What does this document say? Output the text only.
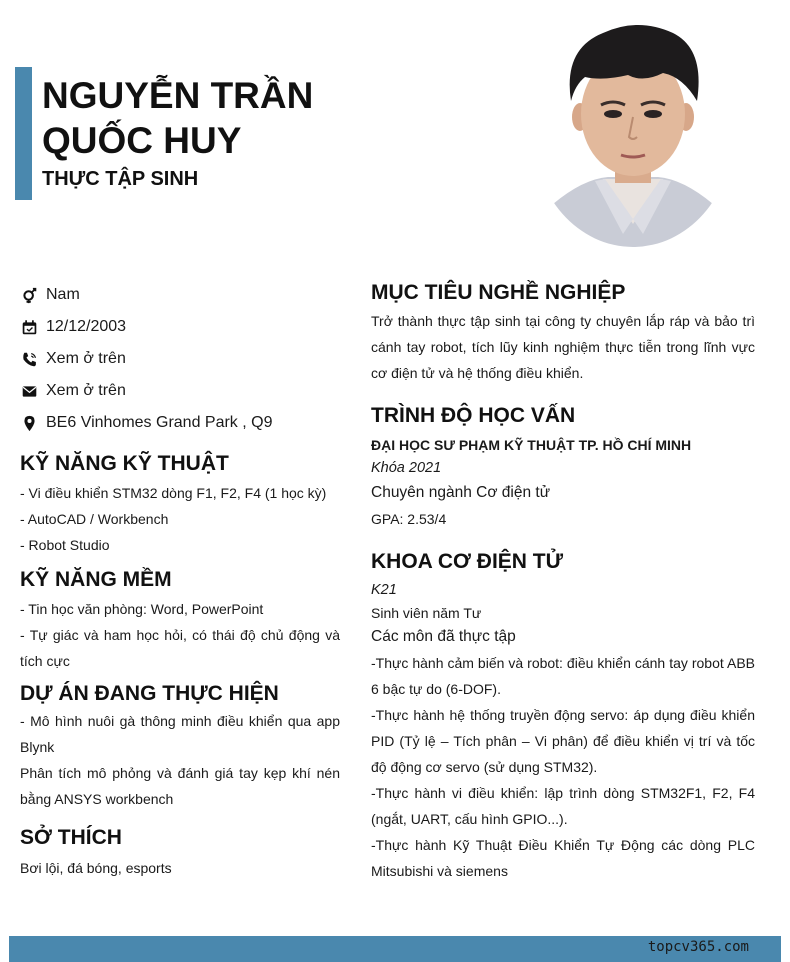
NGUYỄN TRẦN QUỐC HUY
THỰC TẬP SINH
Nam
12/12/2003
Xem ở trên
Xem ở trên
BE6 Vinhomes Grand Park , Q9
KỸ NĂNG KỸ THUẬT
- Vi điều khiển STM32 dòng F1, F2, F4 (1 học kỳ)
- AutoCAD / Workbench
- Robot Studio
KỸ NĂNG MỀM
- Tin học văn phòng: Word, PowerPoint
- Tự giác và ham học hỏi, có thái độ chủ động và tích cực
DỰ ÁN ĐANG THỰC HIỆN
- Mô hình nuôi gà thông minh điều khiển qua app Blynk
Phân tích mô phỏng và đánh giá tay kẹp khí nén bằng ANSYS workbench
SỞ THÍCH
Bơi lội, đá bóng, esports
MỤC TIÊU NGHỀ NGHIỆP
Trở thành thực tập sinh tại công ty chuyên lắp ráp và bảo trì cánh tay robot, tích lũy kinh nghiệm thực tiễn trong lĩnh vực cơ điện tử và hệ thống điều khiển.
TRÌNH ĐỘ HỌC VẤN
ĐẠI HỌC SƯ PHẠM KỸ THUẬT TP. HỒ CHÍ MINH
Khóa 2021
Chuyên ngành Cơ điện tử
GPA: 2.53/4
KHOA CƠ ĐIỆN TỬ
K21
Sinh viên năm Tư
Các môn đã thực tập
-Thực hành cảm biến và robot: điều khiển cánh tay robot ABB 6 bậc tự do (6-DOF).
-Thực hành hệ thống truyền động servo: áp dụng điều khiển PID (Tỷ lệ – Tích phân – Vi phân) để điều khiển vị trí và tốc độ động cơ servo (sử dụng STM32).
-Thực hành vi điều khiển: lập trình dòng STM32F1, F2, F4 (ngắt, UART, cấu hình GPIO...).
-Thực hành Kỹ Thuật Điều Khiển Tự Động các dòng PLC Mitsubishi và siemens
topcv365.com
